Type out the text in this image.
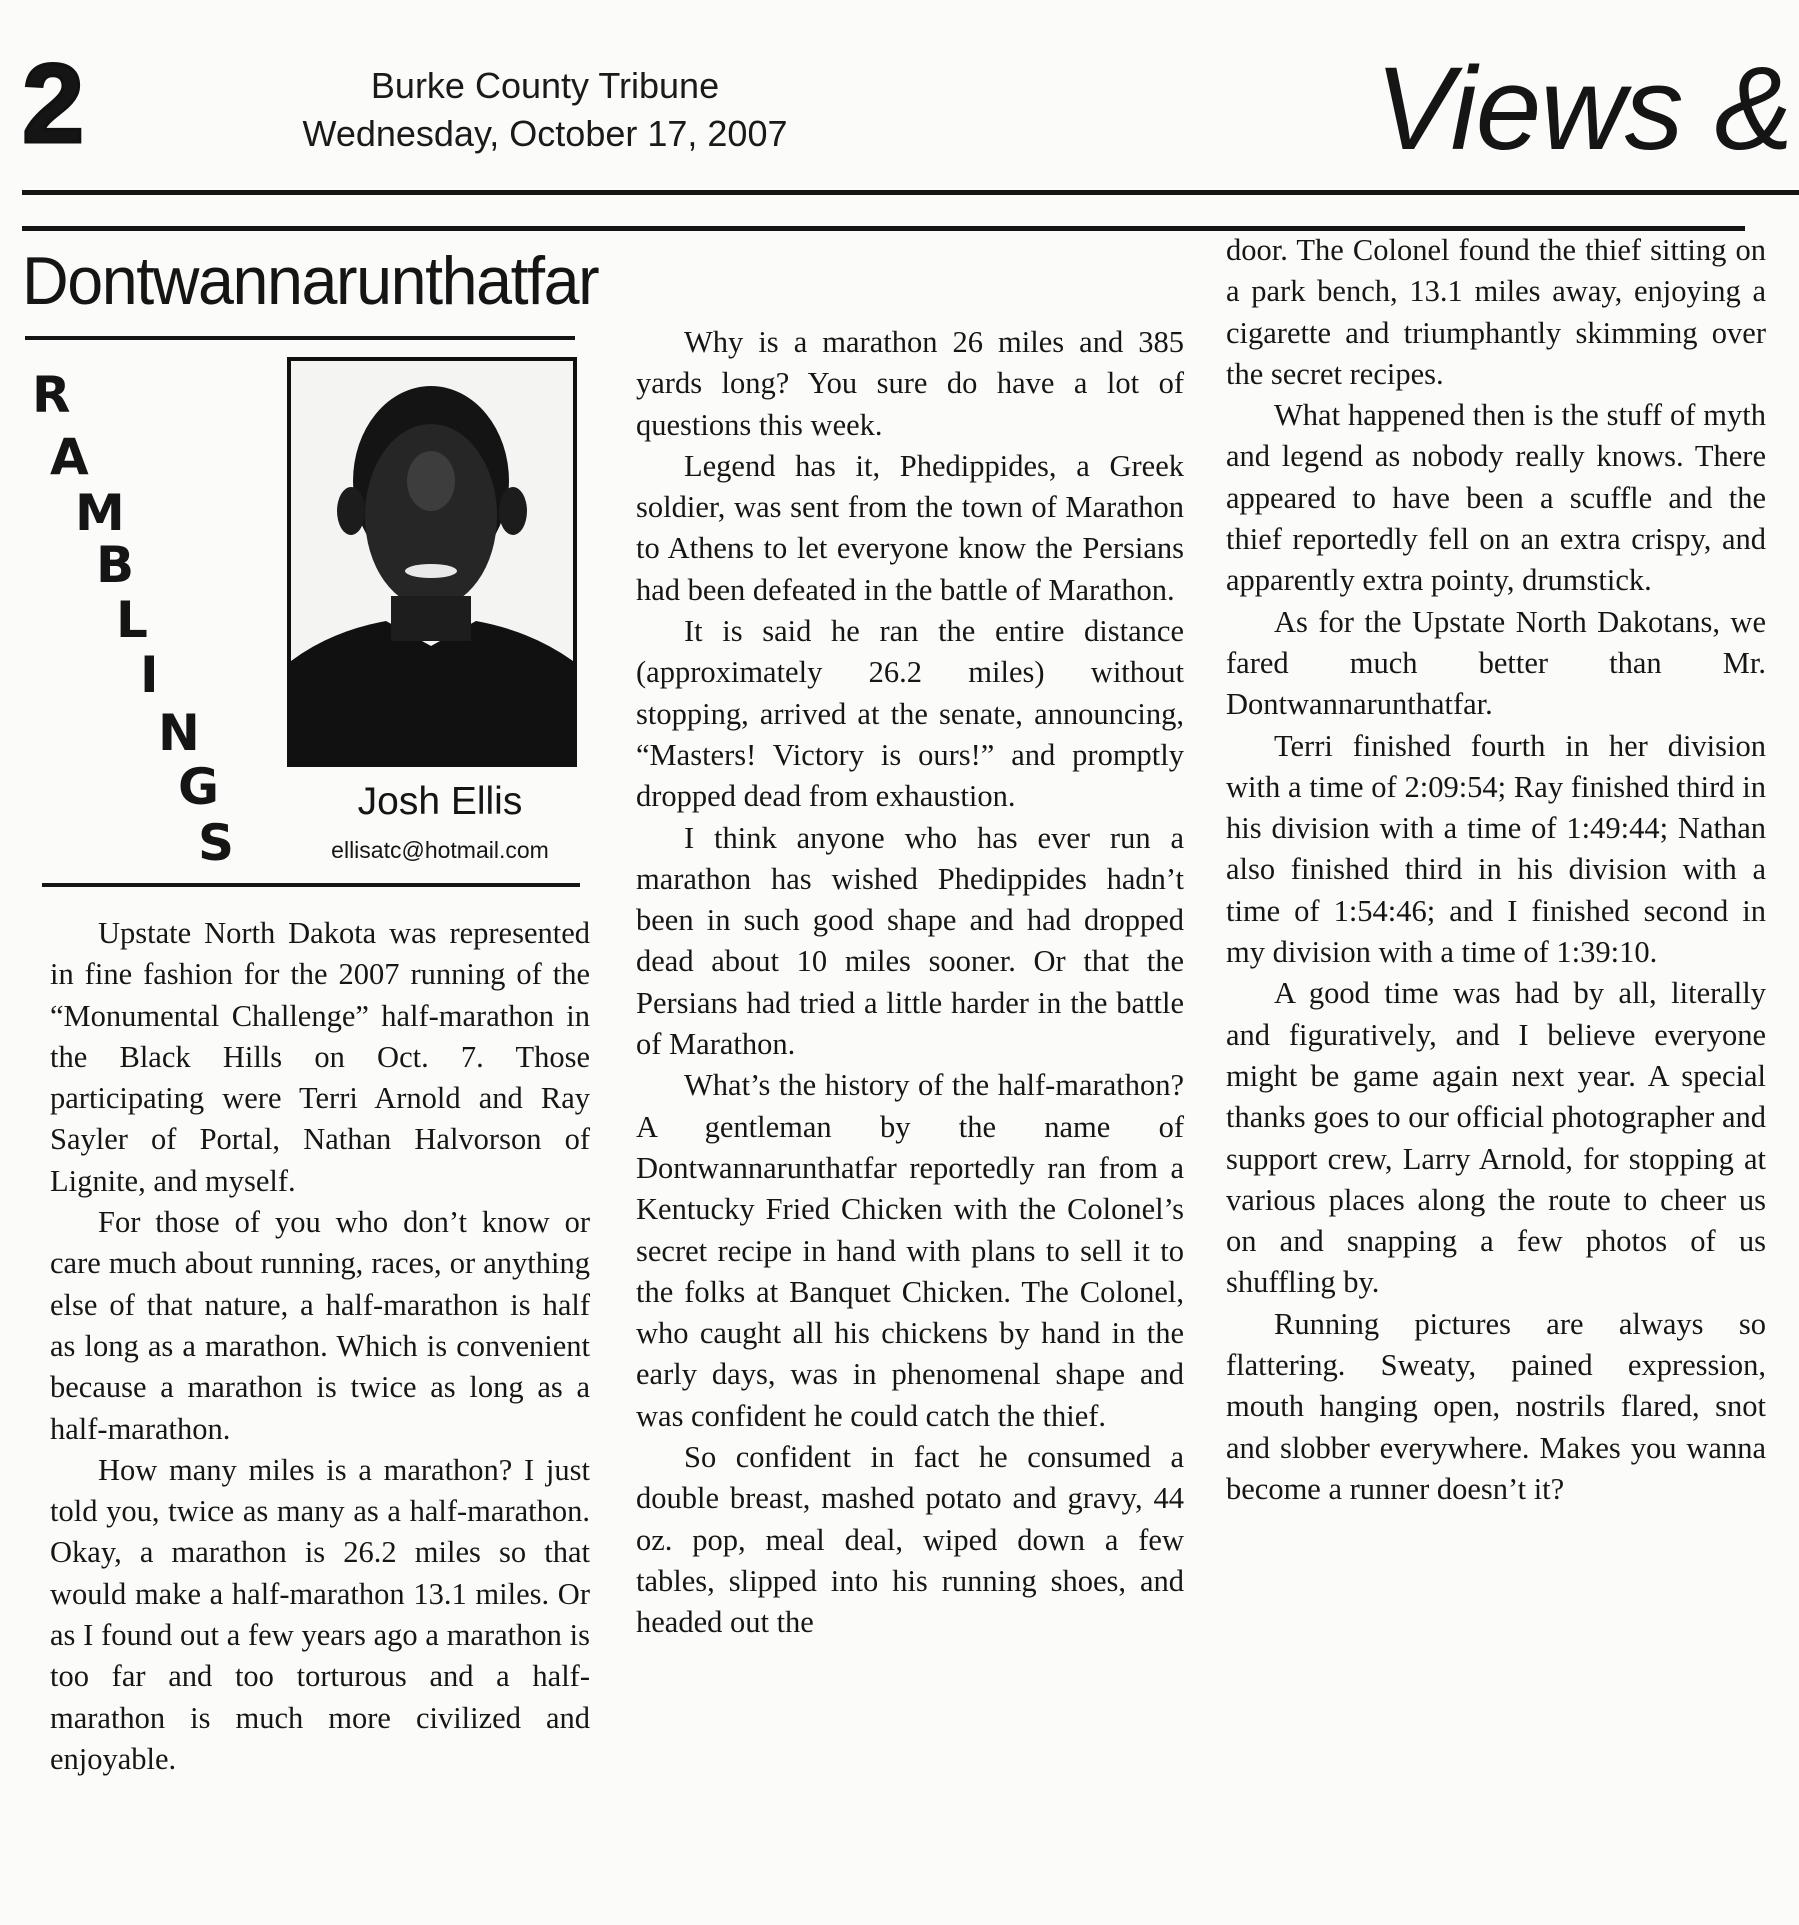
2	Burke County Tribune
Wednesday, October 17, 2007	Views &
Dontwannarunthatfar
R
A
M
B
L
I
N
G
S
Josh Ellis
ellisatc@hotmail.com

Upstate North Dakota was represented in fine fashion for the 2007 running of the “Monumental Challenge” half-marathon in the Black Hills on Oct. 7. Those participating were Terri Arnold and Ray Sayler of Portal, Nathan Halvorson of Lignite, and myself.

For those of you who don’t know or care much about running, races, or anything else of that nature, a half-marathon is half as long as a marathon. Which is convenient because a marathon is twice as long as a half-marathon.

How many miles is a marathon? I just told you, twice as many as a half-marathon. Okay, a marathon is 26.2 miles so that would make a half-marathon 13.1 miles. Or as I found out a few years ago a marathon is too far and too torturous and a half-marathon is much more civilized and enjoyable.

Why is a marathon 26 miles and 385 yards long? You sure do have a lot of questions this week.

Legend has it, Phedippides, a Greek soldier, was sent from the town of Marathon to Athens to let everyone know the Persians had been defeated in the battle of Marathon.

It is said he ran the entire distance (approximately 26.2 miles) without stopping, arrived at the senate, announcing, “Masters! Victory is ours!” and promptly dropped dead from exhaustion.

I think anyone who has ever run a marathon has wished Phedippides hadn’t been in such good shape and had dropped dead about 10 miles sooner. Or that the Persians had tried a little harder in the battle of Marathon.

What’s the history of the half-marathon? A gentleman by the name of Dontwannarunthatfar reportedly ran from a Kentucky Fried Chicken with the Colonel’s secret recipe in hand with plans to sell it to the folks at Banquet Chicken. The Colonel, who caught all his chickens by hand in the early days, was in phenomenal shape and was confident he could catch the thief.

So confident in fact he consumed a double breast, mashed potato and gravy, 44 oz. pop, meal deal, wiped down a few tables, slipped into his running shoes, and headed out the

door. The Colonel found the thief sitting on a park bench, 13.1 miles away, enjoying a cigarette and triumphantly skimming over the secret recipes.

What happened then is the stuff of myth and legend as nobody really knows. There appeared to have been a scuffle and the thief reportedly fell on an extra crispy, and apparently extra pointy, drumstick.

As for the Upstate North Dakotans, we fared much better than Mr. Dontwannarunthatfar.

Terri finished fourth in her division with a time of 2:09:54; Ray finished third in his division with a time of 1:49:44; Nathan also finished third in his division with a time of 1:54:46; and I finished second in my division with a time of 1:39:10.

A good time was had by all, literally and figuratively, and I believe everyone might be game again next year. A special thanks goes to our official photographer and support crew, Larry Arnold, for stopping at various places along the route to cheer us on and snapping a few photos of us shuffling by.

Running pictures are always so flattering. Sweaty, pained expression, mouth hanging open, nostrils flared, snot and slobber everywhere. Makes you wanna become a runner doesn’t it?
